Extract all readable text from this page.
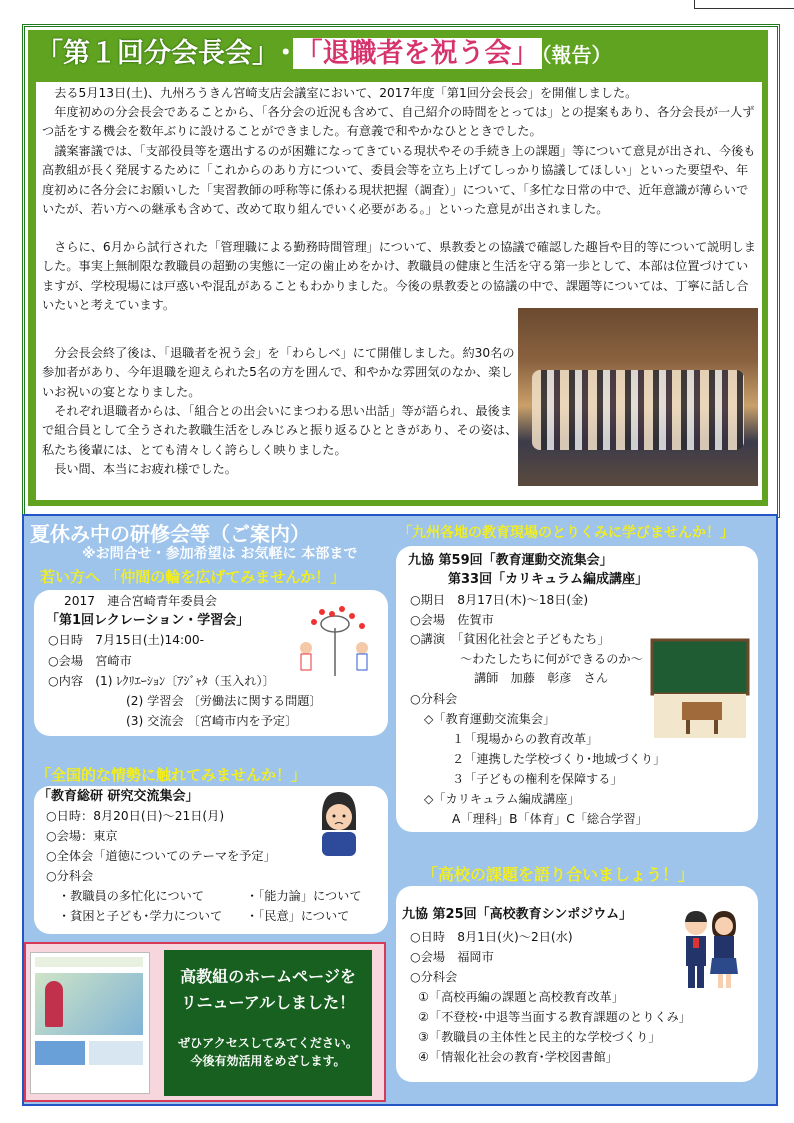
「第１回分会長会」･ 「退職者を祝う会」 （報告）

去る5月13日(土)、九州ろうきん宮崎支店会議室において、2017年度「第1回分会長会」を開催しました。

年度初めの分会長会であることから、「各分会の近況も含めて、自己紹介の時間をとっては」との提案もあり、各分会長が一人ずつ話をする機会を数年ぶりに設けることができました。有意義で和やかなひとときでした。

議案審議では、「支部役員等を選出するのが困難になってきている現状やその手続き上の課題」等について意見が出され、今後も高教組が長く発展するために「これからのあり方について、委員会等を立ち上げてしっかり協議してほしい」といった要望や、年度初めに各分会にお願いした「実習教師の呼称等に係わる現状把握（調査）」について、「多忙な日常の中で、近年意識が薄らいでいたが、若い方への継承も含めて、改めて取り組んでいく必要がある。」といった意見が出されました。

さらに、6月から試行された「管理職による勤務時間管理」について、県教委との協議で確認した趣旨や目的等について説明しました。事実上無制限な教職員の超勤の実態に一定の歯止めをかけ、教職員の健康と生活を守る第一歩として、本部は位置づけていますが、学校現場には戸惑いや混乱があることもわかりました。今後の県教委との協議の中で、課題等については、丁寧に話し合いたいと考えています。

分会長会終了後は、「退職者を祝う会」を「わらしべ」にて開催しました。約30名の参加者があり、今年退職を迎えられた5名の方を囲んで、和やかな雰囲気のなか、楽しいお祝いの宴となりました。

それぞれ退職者からは、「組合との出会いにまつわる思い出話」等が語られ、最後まで組合員として全うされた教職生活をしみじみと振り返るひとときがあり、その姿は、私たち後輩には、とても清々しく誇らしく映りました。

長い間、本当にお疲れ様でした。

夏休み中の研修会等（ご案内）
※お問合せ・参加希望は お気軽に 本部まで
若い方へ 「仲間の輪を広げてみませんか！」
2017　連合宮崎青年委員会
「第1回レクレーション・学習会」
○日時　7月15日(土)14:00-
○会場　宮崎市
○内容　(1) ﾚｸﾘｴｰｼｮﾝ〔ｱｼﾞｬﾀ（玉入れ）〕
(2) 学習会 〔労働法に関する問題〕
(3) 交流会 〔宮崎市内を予定〕
「全国的な情勢に触れてみませんか！」
「教育総研 研究交流集会」
○日時：8月20日(日)～21日(月)
○会場：東京
○全体会「道徳についてのテーマを予定」
○分科会
・教職員の多忙化について	・「能力論」について
・貧困と子ども･学力について ・「民意」について
高教組のホームページを
リニューアルしました！
ぜひアクセスしてみてください。
今後有効活用をめざします。
「九州各地の教育現場のとりくみに学びませんか！」
九協 第59回「教育運動交流集会」
第33回「カリキュラム編成講座」
○期日　8月17日(木)～18日(金)
○会場　佐賀市
○講演　「貧困化社会と子どもたち」
～わたしたちに何ができるのか～
講師　加藤　彰彦　さん
○分科会
◇「教育運動交流集会」
１「現場からの教育改革」
２「連携した学校づくり･地域づくり」
３「子どもの権利を保障する」
◇「カリキュラム編成講座」
A「理科」B「体育」C「総合学習」
「高校の課題を語り合いましょう！」
九協 第25回「高校教育シンポジウム」
○日時　8月1日(火)～2日(水)
○会場　福岡市
○分科会
①「高校再編の課題と高校教育改革」
②「不登校･中退等当面する教育課題のとりくみ」
③「教職員の主体性と民主的な学校づくり」
④「情報化社会の教育･学校図書館」
